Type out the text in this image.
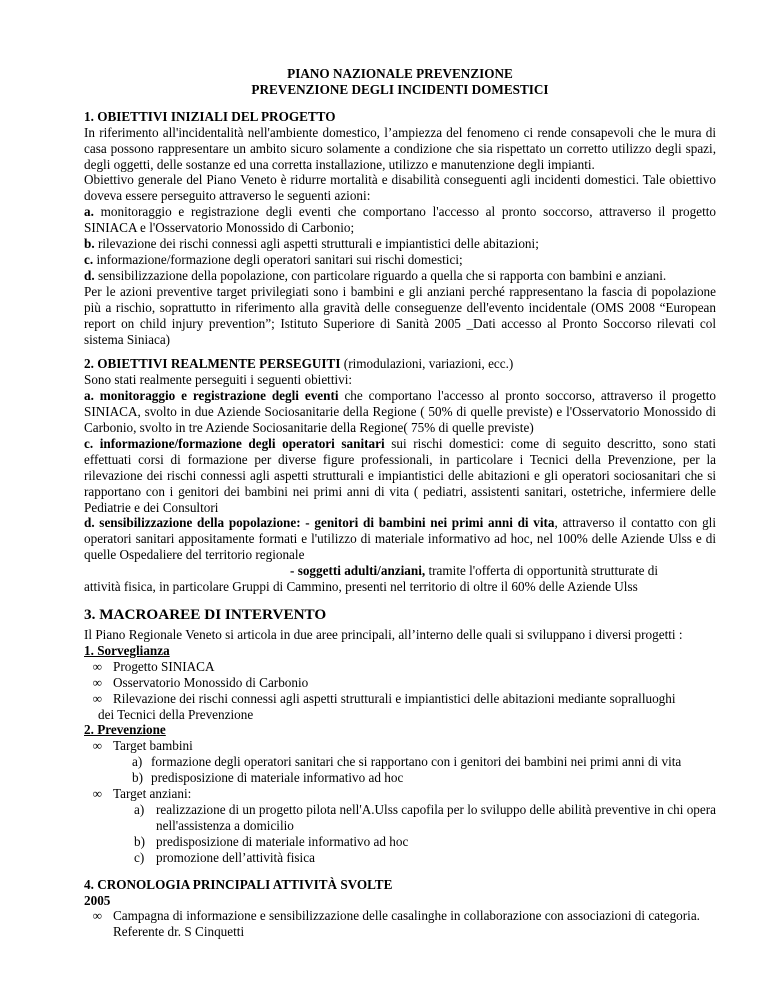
PIANO NAZIONALE PREVENZIONE

PREVENZIONE DEGLI INCIDENTI DOMESTICI

1. OBIETTIVI INIZIALI DEL PROGETTO

In riferimento all'incidentalità nell'ambiente domestico, l’ampiezza del fenomeno ci rende consapevoli che le mura di casa possono rappresentare un ambito sicuro solamente a condizione che sia rispettato un corretto utilizzo degli spazi, degli oggetti, delle sostanze ed una corretta installazione, utilizzo e manutenzione degli impianti.

Obiettivo generale del Piano Veneto è ridurre mortalità e disabilità conseguenti agli incidenti domestici. Tale obiettivo doveva essere perseguito attraverso le seguenti azioni:

a. monitoraggio e registrazione degli eventi che comportano l'accesso al pronto soccorso, attraverso il progetto SINIACA e l'Osservatorio Monossido di Carbonio;

b. rilevazione dei rischi connessi agli aspetti strutturali e impiantistici delle abitazioni;

c. informazione/formazione degli operatori sanitari sui rischi domestici;

d. sensibilizzazione della popolazione, con particolare riguardo a quella che si rapporta con bambini e anziani.

Per le azioni preventive target privilegiati sono i bambini e gli anziani perché rappresentano la fascia di popolazione più a rischio, soprattutto in riferimento alla gravità delle conseguenze dell'evento incidentale (OMS 2008 “European report on child injury prevention”; Istituto Superiore di Sanità 2005 _Dati accesso al Pronto Soccorso rilevati col sistema Siniaca)

2. OBIETTIVI REALMENTE PERSEGUITI (rimodulazioni, variazioni, ecc.)

Sono stati realmente perseguiti i seguenti obiettivi:

a. monitoraggio e registrazione degli eventi che comportano l'accesso al pronto soccorso, attraverso il progetto SINIACA, svolto in due Aziende Sociosanitarie della Regione ( 50% di quelle previste) e l'Osservatorio Monossido di Carbonio, svolto in tre Aziende Sociosanitarie della Regione( 75% di quelle previste)

c. informazione/formazione degli operatori sanitari sui rischi domestici: come di seguito descritto, sono stati effettuati corsi di formazione per diverse figure professionali, in particolare i Tecnici della Prevenzione, per la rilevazione dei rischi connessi agli aspetti strutturali e impiantistici delle abitazioni e gli operatori sociosanitari che si rapportano con i genitori dei bambini nei primi anni di vita ( pediatri, assistenti sanitari, ostetriche, infermiere delle Pediatrie e dei Consultori

d. sensibilizzazione della popolazione: - genitori di bambini nei primi anni di vita, attraverso il contatto con gli operatori sanitari appositamente formati e l'utilizzo di materiale informativo ad hoc, nel 100% delle Aziende Ulss e di quelle Ospedaliere del territorio regionale

- soggetti adulti/anziani, tramite l'offerta di opportunità strutturate di

attività fisica, in particolare Gruppi di Cammino, presenti nel territorio di oltre il 60% delle Aziende Ulss

3. MACROAREE DI INTERVENTO

Il Piano Regionale Veneto si articola in due aree principali, all’interno delle quali si sviluppano i diversi progetti :

1. Sorveglianza

∞ Progetto SINIACA

∞ Osservatorio Monossido di Carbonio

∞ Rilevazione dei rischi connessi agli aspetti strutturali e impiantistici delle abitazioni mediante sopralluoghi

dei Tecnici della Prevenzione

2. Prevenzione

∞ Target bambini

a) formazione degli operatori sanitari che si rapportano con i genitori dei bambini nei primi anni di vita

b) predisposizione di materiale informativo ad hoc

∞ Target anziani:

a) realizzazione di un progetto pilota nell'A.Ulss capofila per lo sviluppo delle abilità preventive in chi opera nell'assistenza a domicilio

b) predisposizione di materiale informativo ad hoc

c) promozione dell’attività fisica

4. CRONOLOGIA PRINCIPALI ATTIVITÀ SVOLTE

2005

∞ Campagna di informazione e sensibilizzazione delle casalinghe in collaborazione con associazioni di categoria. Referente dr. S Cinquetti
